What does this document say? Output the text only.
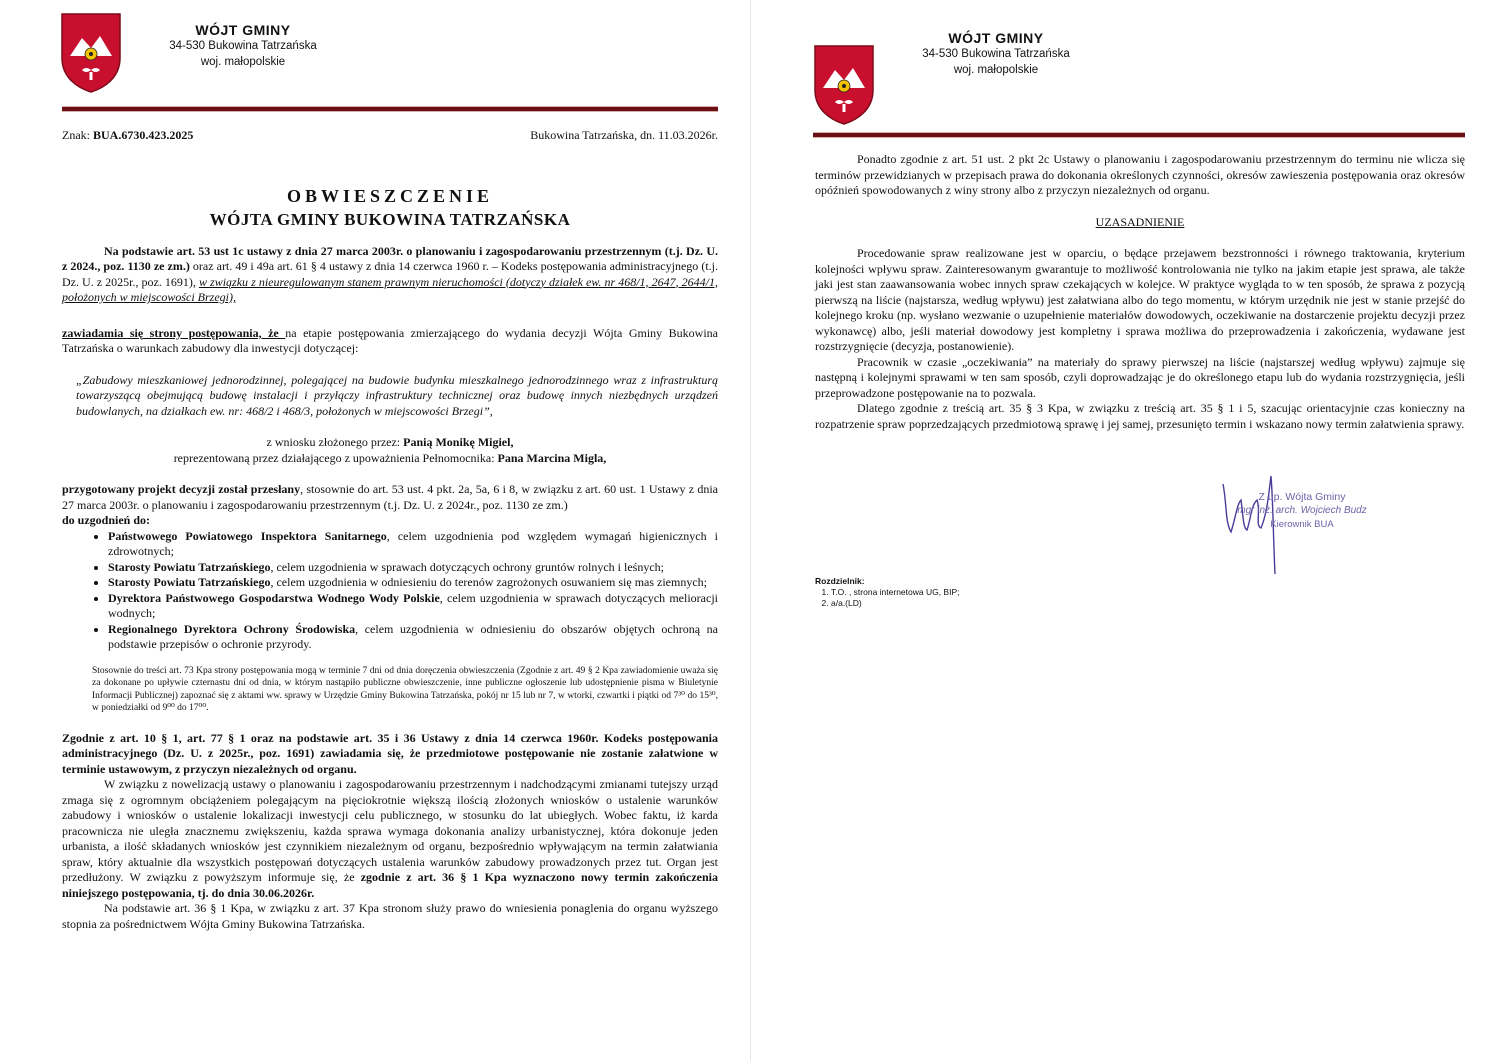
WÓJT GMINY
34-530 Bukowina Tatrzańska
woj. małopolskie
Znak: BUA.6730.423.2025	Bukowina Tatrzańska, dn. 11.03.2026r.
OBWIESZCZENIE
WÓJTA GMINY BUKOWINA TATRZAŃSKA

Na podstawie art. 53 ust 1c ustawy z dnia 27 marca 2003r. o planowaniu i zagospodarowaniu przestrzennym (t.j. Dz. U. z 2024., poz. 1130 ze zm.) oraz art. 49 i 49a art. 61 § 4 ustawy z dnia 14 czerwca 1960 r. – Kodeks postępowania administracyjnego (t.j. Dz. U. z 2025r., poz. 1691), w związku z nieuregulowanym stanem prawnym nieruchomości (dotyczy działek ew. nr 468/1, 2647, 2644/1, położonych w miejscowości Brzegi),

zawiadamia się strony postępowania, że na etapie postępowania zmierzającego do wydania decyzji Wójta Gminy Bukowina Tatrzańska o warunkach zabudowy dla inwestycji dotyczącej:

„Zabudowy mieszkaniowej jednorodzinnej, polegającej na budowie budynku mieszkalnego jednorodzinnego wraz z infrastrukturą towarzyszącą obejmującą budowę instalacji i przyłączy infrastruktury technicznej oraz budowę innych niezbędnych urządzeń budowlanych, na działkach ew. nr: 468/2 i 468/3, położonych w miejscowości Brzegi”,

z wniosku złożonego przez: Panią Monikę Migiel,

reprezentowaną przez działającego z upoważnienia Pełnomocnika: Pana Marcina Migla,

przygotowany projekt decyzji został przesłany, stosownie do art. 53 ust. 4 pkt. 2a, 5a, 6 i 8, w związku z art. 60 ust. 1 Ustawy z dnia 27 marca 2003r. o planowaniu i zagospodarowaniu przestrzennym (t.j. Dz. U. z 2024r., poz. 1130 ze zm.)

do uzgodnień do:

• Państwowego Powiatowego Inspektora Sanitarnego, celem uzgodnienia pod względem wymagań higienicznych i zdrowotnych;
• Starosty Powiatu Tatrzańskiego, celem uzgodnienia w sprawach dotyczących ochrony gruntów rolnych i leśnych;
• Starosty Powiatu Tatrzańskiego, celem uzgodnienia w odniesieniu do terenów zagrożonych osuwaniem się mas ziemnych;
• Dyrektora Państwowego Gospodarstwa Wodnego Wody Polskie, celem uzgodnienia w sprawach dotyczących melioracji wodnych;
• Regionalnego Dyrektora Ochrony Środowiska, celem uzgodnienia w odniesieniu do obszarów objętych ochroną na podstawie przepisów o ochronie przyrody.

Stosownie do treści art. 73 Kpa strony postępowania mogą w terminie 7 dni od dnia doręczenia obwieszczenia (Zgodnie z art. 49 § 2 Kpa zawiadomienie uważa się za dokonane po upływie czternastu dni od dnia, w którym nastąpiło publiczne obwieszczenie, inne publiczne ogłoszenie lub udostępnienie pisma w Biuletynie Informacji Publicznej) zapoznać się z aktami ww. sprawy w Urzędzie Gminy Bukowina Tatrzańska, pokój nr 15 lub nr 7, w wtorki, czwartki i piątki od 7³⁰ do 15³⁰, w poniedziałki od 9⁰⁰ do 17⁰⁰.

Zgodnie z art. 10 § 1, art. 77 § 1 oraz na podstawie art. 35 i 36 Ustawy z dnia 14 czerwca 1960r. Kodeks postępowania administracyjnego (Dz. U. z 2025r., poz. 1691) zawiadamia się, że przedmiotowe postępowanie nie zostanie załatwione w terminie ustawowym, z przyczyn niezależnych od organu.

W związku z nowelizacją ustawy o planowaniu i zagospodarowaniu przestrzennym i nadchodzącymi zmianami tutejszy urząd zmaga się z ogromnym obciążeniem polegającym na pięciokrotnie większą ilością złożonych wniosków o ustalenie warunków zabudowy i wniosków o ustalenie lokalizacji inwestycji celu publicznego, w stosunku do lat ubiegłych. Wobec faktu, iż karda pracownicza nie uległa znacznemu zwiększeniu, każda sprawa wymaga dokonania analizy urbanistycznej, która dokonuje jeden urbanista, a ilość składanych wniosków jest czynnikiem niezależnym od organu, bezpośrednio wpływającym na termin załatwiania spraw, który aktualnie dla wszystkich postępowań dotyczących ustalenia warunków zabudowy prowadzonych przez tut. Organ jest przedłużony. W związku z powyższym informuje się, że zgodnie z art. 36 § 1 Kpa wyznaczono nowy termin zakończenia niniejszego postępowania, tj. do dnia 30.06.2026r.

Na podstawie art. 36 § 1 Kpa, w związku z art. 37 Kpa stronom służy prawo do wniesienia ponaglenia do organu wyższego stopnia za pośrednictwem Wójta Gminy Bukowina Tatrzańska.

WÓJT GMINY
34-530 Bukowina Tatrzańska
woj. małopolskie

Ponadto zgodnie z art. 51 ust. 2 pkt 2c Ustawy o planowaniu i zagospodarowaniu przestrzennym do terminu nie wlicza się terminów przewidzianych w przepisach prawa do dokonania określonych czynności, okresów zawieszenia postępowania oraz okresów opóźnień spowodowanych z winy strony albo z przyczyn niezależnych od organu.

UZASADNIENIE

Procedowanie spraw realizowane jest w oparciu, o będące przejawem bezstronności i równego traktowania, kryterium kolejności wpływu spraw. Zainteresowanym gwarantuje to możliwość kontrolowania nie tylko na jakim etapie jest sprawa, ale także jaki jest stan zaawansowania wobec innych spraw czekających w kolejce. W praktyce wygląda to w ten sposób, że sprawa z pozycją pierwszą na liście (najstarsza, według wpływu) jest załatwiana albo do tego momentu, w którym urzędnik nie jest w stanie przejść do kolejnego kroku (np. wysłano wezwanie o uzupełnienie materiałów dowodowych, oczekiwanie na dostarczenie projektu decyzji przez wykonawcę) albo, jeśli materiał dowodowy jest kompletny i sprawa możliwa do przeprowadzenia i zakończenia, wydawane jest rozstrzygnięcie (decyzja, postanowienie).

Pracownik w czasie „oczekiwania” na materiały do sprawy pierwszej na liście (najstarszej według wpływu) zajmuje się następną i kolejnymi sprawami w ten sam sposób, czyli doprowadzając je do określonego etapu lub do wydania rozstrzygnięcia, jeśli przeprowadzone postępowanie na to pozwala.

Dlatego zgodnie z treścią art. 35 § 3 Kpa, w związku z treścią art. 35 § 1 i 5, szacując orientacyjnie czas konieczny na rozpatrzenie spraw poprzedzających przedmiotową sprawę i jej samej, przesunięto termin i wskazano nowy termin załatwienia sprawy.

Z up. Wójta Gminy
mgr inż. arch. Wojciech Budz
Kierownik BUA
Rozdzielnik:
1. T.O. , strona internetowa UG, BIP;
2. a/a.(LD)
